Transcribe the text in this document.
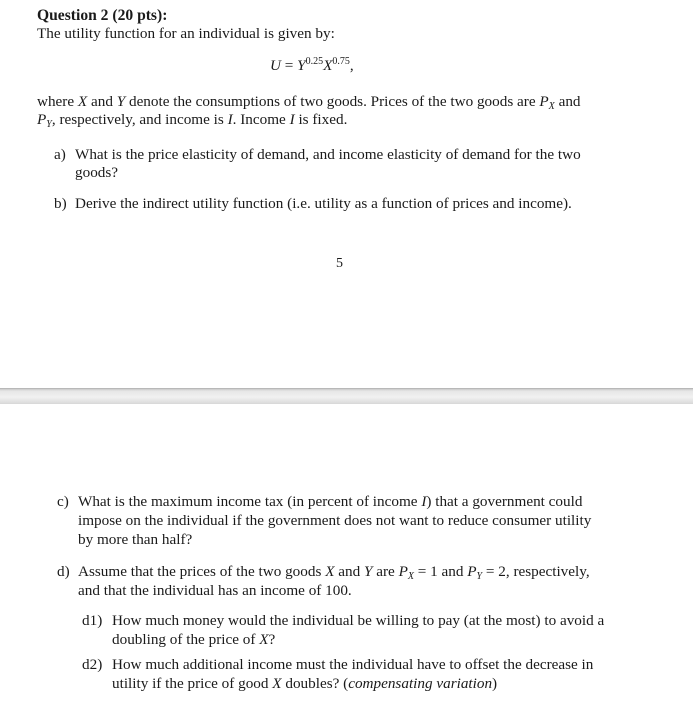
Question 2 (20 pts):
The utility function for an individual is given by:
$U = Y^{0.25}X^{0.75}$,
where X and Y denote the consumptions of two goods. Prices of the two goods are $P_X$ and
$P_Y$, respectively, and income is I. Income I is fixed.
a) What is the price elasticity of demand, and income elasticity of demand for the two
goods?
b) Derive the indirect utility function (i.e. utility as a function of prices and income).
5
c) What is the maximum income tax (in percent of income I) that a government could
impose on the individual if the government does not want to reduce consumer utility
by more than half?
d) Assume that the prices of the two goods X and Y are $P_X = 1$ and $P_Y = 2$, respectively,
and that the individual has an income of 100.
d1) How much money would the individual be willing to pay (at the most) to avoid a
doubling of the price of X?
d2) How much additional income must the individual have to offset the decrease in
utility if the price of good X doubles? (compensating variation)
